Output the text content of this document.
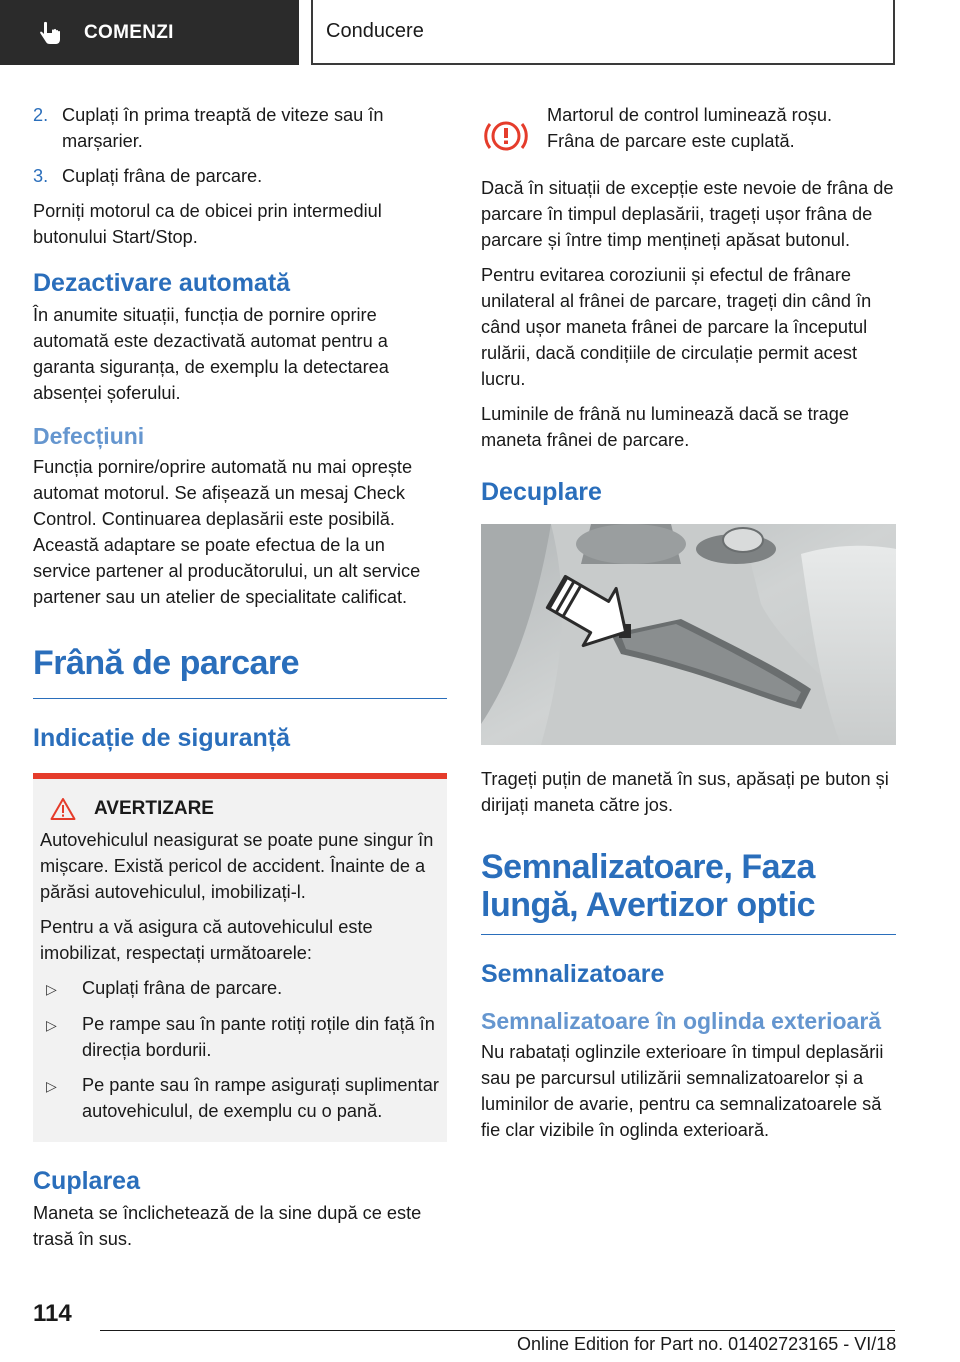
COMENZI	Conducere
2. Cuplați în prima treaptă de viteze sau în marșarier.
3. Cuplați frâna de parcare.

Porniți motorul ca de obicei prin intermediul butonului Start/Stop.

Dezactivare automată

În anumite situații, funcția de pornire oprire automată este dezactivată automat pentru a garanta siguranța, de exemplu la detectarea absenței șoferului.

Defecțiuni

Funcția pornire/oprire automată nu mai oprește automat motorul. Se afișează un mesaj Check Control. Continuarea deplasării este posibilă. Această adaptare se poate efectua de la un service partener al producătorului, un alt service partener sau un atelier de specialitate calificat.

Frână de parcare
Indicație de siguranță
AVERTIZARE

Autovehiculul neasigurat se poate pune singur în mișcare. Există pericol de accident. Înainte de a părăsi autovehiculul, imobilizați-l.

Pentru a vă asigura că autovehiculul este imobilizat, respectați următoarele:

▷	Cuplați frâna de parcare.
▷	Pe rampe sau în pante rotiți roțile din față în direcția bordurii.
▷	Pe pante sau în rampe asigurați suplimentar autovehiculul, de exemplu cu o pană.
Cuplarea

Maneta se înclichetează de la sine după ce este trasă în sus.

Martorul de control luminează roșu.
Frâna de parcare este cuplată.

Dacă în situații de excepție este nevoie de frâna de parcare în timpul deplasării, trageți ușor frâna de parcare și între timp mențineți apăsat butonul.

Pentru evitarea coroziunii și efectul de frânare unilateral al frânei de parcare, trageți din când în când ușor maneta frânei de parcare la începutul rulării, dacă condițiile de circulație permit acest lucru.

Luminile de frână nu luminează dacă se trage maneta frânei de parcare.

Decuplare

Trageți puțin de manetă în sus, apăsați pe buton și dirijați maneta către jos.

Semnalizatoare, Faza lungă, Avertizor optic
Semnalizatoare
Semnalizatoare în oglinda exterioară

Nu rabatați oglinzile exterioare în timpul deplasării sau pe parcursul utilizării semnalizatoarelor și a luminilor de avarie, pentru ca semnalizatoarele să fie clar vizibile în oglinda exterioară.

114
Online Edition for Part no. 01402723165 - VI/18
